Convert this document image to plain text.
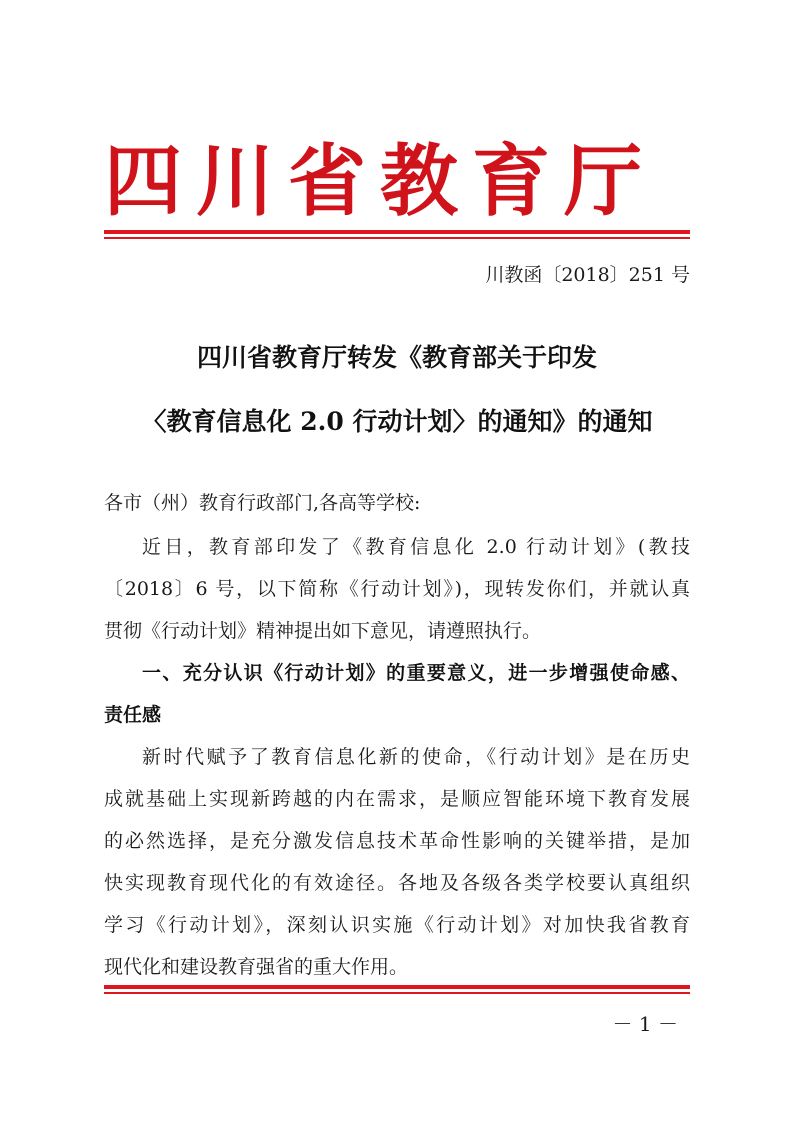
四川省教育厅
川教函〔2018〕251 号
四川省教育厅转发《教育部关于印发
〈教育信息化 2.0 行动计划〉的通知》的通知
各市（州）教育行政部门,各高等学校:
近日，教育部印发了《教育信息化 2.0 行动计划》(教技
〔2018〕6 号，以下简称《行动计划》)，现转发你们，并就认真
贯彻《行动计划》精神提出如下意见，请遵照执行。
一、充分认识《行动计划》的重要意义，进一步增强使命感、
责任感
新时代赋予了教育信息化新的使命，《行动计划》是在历史
成就基础上实现新跨越的内在需求，是顺应智能环境下教育发展
的必然选择，是充分激发信息技术革命性影响的关键举措，是加
快实现教育现代化的有效途径。各地及各级各类学校要认真组织
学习《行动计划》，深刻认识实施《行动计划》对加快我省教育
现代化和建设教育强省的重大作用。
－ 1 －
